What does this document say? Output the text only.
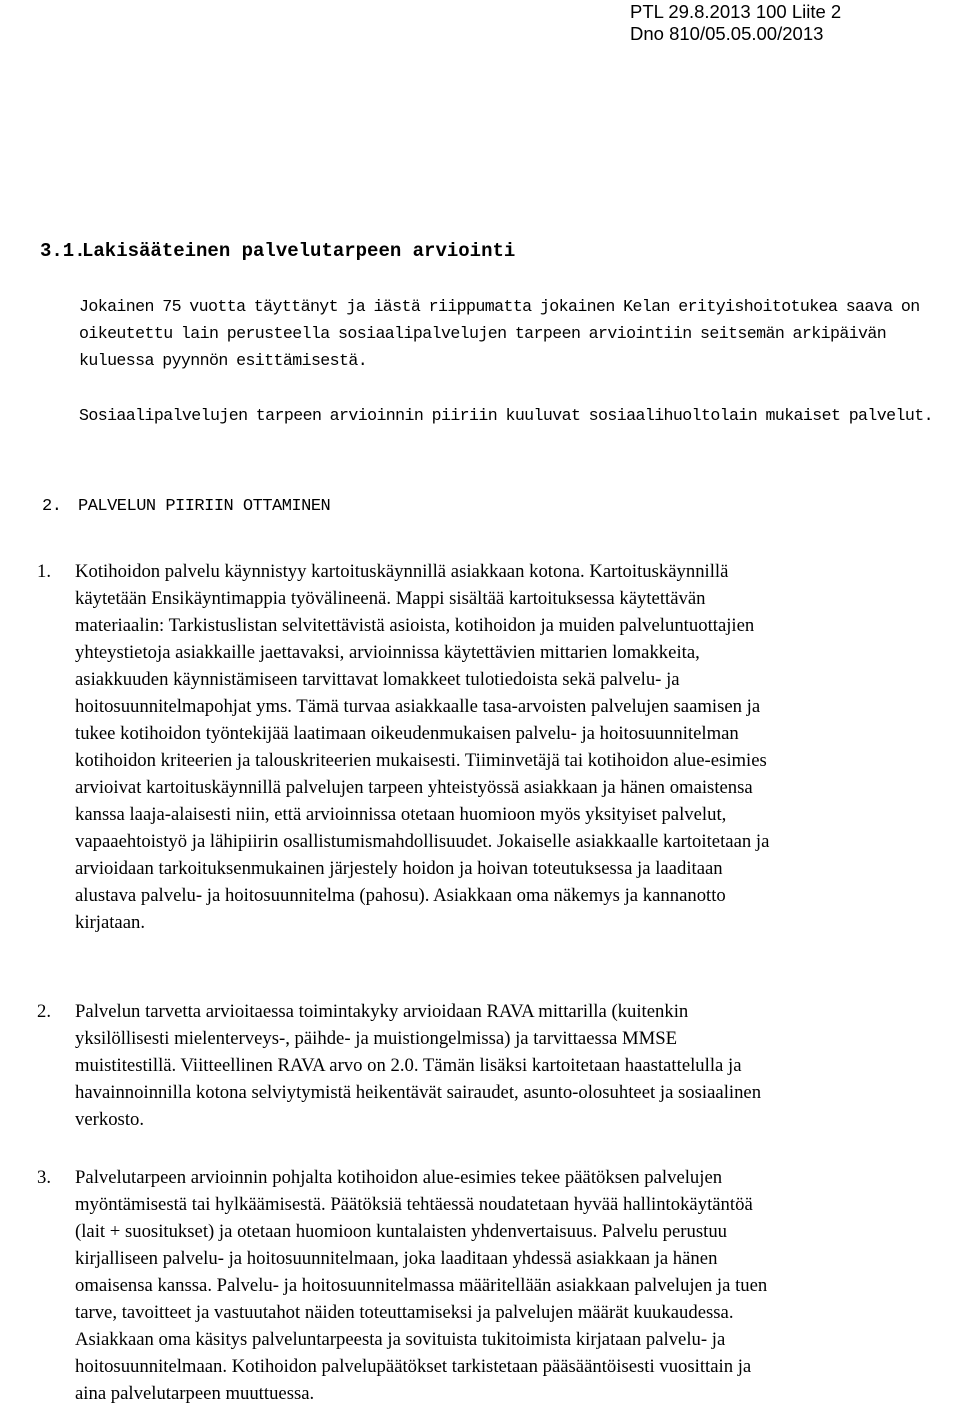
PTL 29.8.2013 100 Liite 2
Dno 810/05.05.00/2013
3.1.Lakisääteinen palvelutarpeen arviointi
Jokainen 75 vuotta täyttänyt ja iästä riippumatta jokainen Kelan erityishoitotukea saava on
oikeutettu lain perusteella sosiaalipalvelujen tarpeen arviointiin seitsemän arkipäivän
kuluessa pyynnön esittämisestä.
Sosiaalipalvelujen tarpeen arvioinnin piiriin kuuluvat sosiaalihuoltolain mukaiset palvelut.
2. PALVELUN PIIRIIN OTTAMINEN
1.	Kotihoidon palvelu käynnistyy kartoituskäynnillä asiakkaan kotona. Kartoituskäynnillä
käytetään Ensikäyntimappia työvälineenä. Mappi sisältää kartoituksessa käytettävän
materiaalin: Tarkistuslistan selvitettävistä asioista, kotihoidon ja muiden palveluntuottajien
yhteystietoja asiakkaille jaettavaksi, arvioinnissa käytettävien mittarien lomakkeita,
asiakkuuden käynnistämiseen tarvittavat lomakkeet tulotiedoista sekä palvelu- ja
hoitosuunnitelmapohjat yms. Tämä turvaa asiakkaalle tasa-arvoisten palvelujen saamisen ja
tukee kotihoidon työntekijää laatimaan oikeudenmukaisen palvelu- ja hoitosuunnitelman
kotihoidon kriteerien ja talouskriteerien mukaisesti. Tiiminvetäjä tai kotihoidon alue-esimies
arvioivat kartoituskäynnillä palvelujen tarpeen yhteistyössä asiakkaan ja hänen omaistensa
kanssa laaja-alaisesti niin, että arvioinnissa otetaan huomioon myös yksityiset palvelut,
vapaaehtoistyö ja lähipiirin osallistumismahdollisuudet. Jokaiselle asiakkaalle kartoitetaan ja
arvioidaan tarkoituksenmukainen järjestely hoidon ja hoivan toteutuksessa ja laaditaan
alustava palvelu- ja hoitosuunnitelma (pahosu). Asiakkaan oma näkemys ja kannanotto
kirjataan.
2.	Palvelun tarvetta arvioitaessa toimintakyky arvioidaan RAVA mittarilla (kuitenkin
yksilöllisesti mielenterveys-, päihde- ja muistiongelmissa) ja tarvittaessa MMSE
muistitestillä. Viitteellinen RAVA arvo on 2.0. Tämän lisäksi kartoitetaan haastattelulla ja
havainnoinnilla kotona selviytymistä heikentävät sairaudet, asunto-olosuhteet ja sosiaalinen
verkosto.
3.	Palvelutarpeen arvioinnin pohjalta kotihoidon alue-esimies tekee päätöksen palvelujen
myöntämisestä tai hylkäämisestä. Päätöksiä tehtäessä noudatetaan hyvää hallintokäytäntöä
(lait + suositukset) ja otetaan huomioon kuntalaisten yhdenvertaisuus. Palvelu perustuu
kirjalliseen palvelu- ja hoitosuunnitelmaan, joka laaditaan yhdessä asiakkaan ja hänen
omaisensa kanssa. Palvelu- ja hoitosuunnitelmassa määritellään asiakkaan palvelujen ja tuen
tarve, tavoitteet ja vastuutahot näiden toteuttamiseksi ja palvelujen määrät kuukaudessa.
Asiakkaan oma käsitys palveluntarpeesta ja sovituista tukitoimista kirjataan palvelu- ja
hoitosuunnitelmaan. Kotihoidon palvelupäätökset tarkistetaan pääsääntöisesti vuosittain ja
aina palvelutarpeen muuttuessa.
